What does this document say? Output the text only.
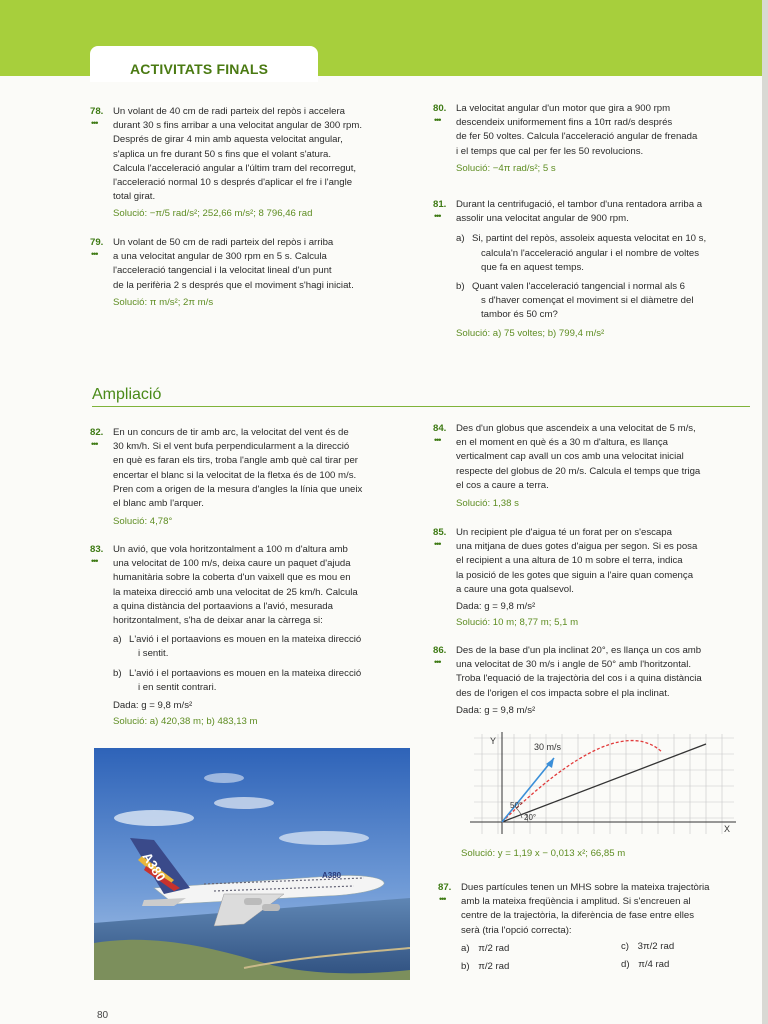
ACTIVITATS FINALS
78.
•••
Un volant de 40 cm de radi parteix del repòs i accelera
durant 30 s fins arribar a una velocitat angular de 300 rpm.
Després de girar 4 min amb aquesta velocitat angular,
s'aplica un fre durant 50 s fins que el volant s'atura.
Calcula l'acceleració angular a l'últim tram del recorregut,
l'acceleració normal 10 s després d'aplicar el fre i l'angle
total girat.
Solució: −π/5 rad/s²; 252,66 m/s²; 8 796,46 rad
79.
•••
Un volant de 50 cm de radi parteix del repòs i arriba
a una velocitat angular de 300 rpm en 5 s. Calcula
l'acceleració tangencial i la velocitat lineal d'un punt
de la perifèria 2 s després que el moviment s'hagi iniciat.
Solució: π m/s²; 2π m/s
80.
•••
La velocitat angular d'un motor que gira a 900 rpm
descendeix uniformement fins a 10π rad/s després
de fer 50 voltes. Calcula l'acceleració angular de frenada
i el temps que cal per fer les 50 revolucions.
Solució: −4π rad/s²; 5 s
81.
•••
Durant la centrifugació, el tambor d'una rentadora arriba a
assolir una velocitat angular de 900 rpm.
a) Si, partint del repòs, assoleix aquesta velocitat en 10 s,
calcula'n l'acceleració angular i el nombre de voltes
que fa en aquest temps.
b) Quant valen l'acceleració tangencial i normal als 6
s d'haver començat el moviment si el diàmetre del
tambor és 50 cm?
Solució: a) 75 voltes; b) 799,4 m/s²
Ampliació
82.
•••
En un concurs de tir amb arc, la velocitat del vent és de
30 km/h. Si el vent bufa perpendicularment a la direcció
en què es faran els tirs, troba l'angle amb què cal tirar per
encertar el blanc si la velocitat de la fletxa és de 100 m/s.
Pren com a origen de la mesura d'angles la línia que uneix
el blanc amb l'arquer.
Solució: 4,78°
83.
•••
Un avió, que vola horitzontalment a 100 m d'altura amb
una velocitat de 100 m/s, deixa caure un paquet d'ajuda
humanitària sobre la coberta d'un vaixell que es mou en
la mateixa direcció amb una velocitat de 25 km/h. Calcula
a quina distància del portaavions a l'avió, mesurada
horitzontalment, s'ha de deixar anar la càrrega si:
a) L'avió i el portaavions es mouen en la mateixa direcció
i sentit.
b) L'avió i el portaavions es mouen en la mateixa direcció
i en sentit contrari.
Dada: g = 9,8 m/s²
Solució: a) 420,38 m; b) 483,13 m
A380	A380
84.
•••
Des d'un globus que ascendeix a una velocitat de 5 m/s,
en el moment en què és a 30 m d'altura, es llança
verticalment cap avall un cos amb una velocitat inicial
respecte del globus de 20 m/s. Calcula el temps que triga
el cos a caure a terra.
Solució: 1,38 s
85.
•••
Un recipient ple d'aigua té un forat per on s'escapa
una mitjana de dues gotes d'aigua per segon. Si es posa
el recipient a una altura de 10 m sobre el terra, indica
la posició de les gotes que siguin a l'aire quan comença
a caure una gota qualsevol.
Dada: g = 9,8 m/s²
Solució: 10 m; 8,77 m; 5,1 m
86.
•••
Des de la base d'un pla inclinat 20°, es llança un cos amb
una velocitat de 30 m/s i angle de 50° amb l'horitzontal.
Troba l'equació de la trajectòria del cos i a quina distància
des de l'origen el cos impacta sobre el pla inclinat.
Dada: g = 9,8 m/s²
Y
X
30 m/s
50°
20°
Solució: y = 1,19 x − 0,013 x²; 66,85 m
87.
•••
Dues partícules tenen un MHS sobre la mateixa trajectòria
amb la mateixa freqüència i amplitud. Si s'encreuen al
centre de la trajectòria, la diferència de fase entre elles
serà (tria l'opció correcta):
a) π/2 rad	c) 3π/2 rad
b) π/2 rad	d) π/4 rad
80
